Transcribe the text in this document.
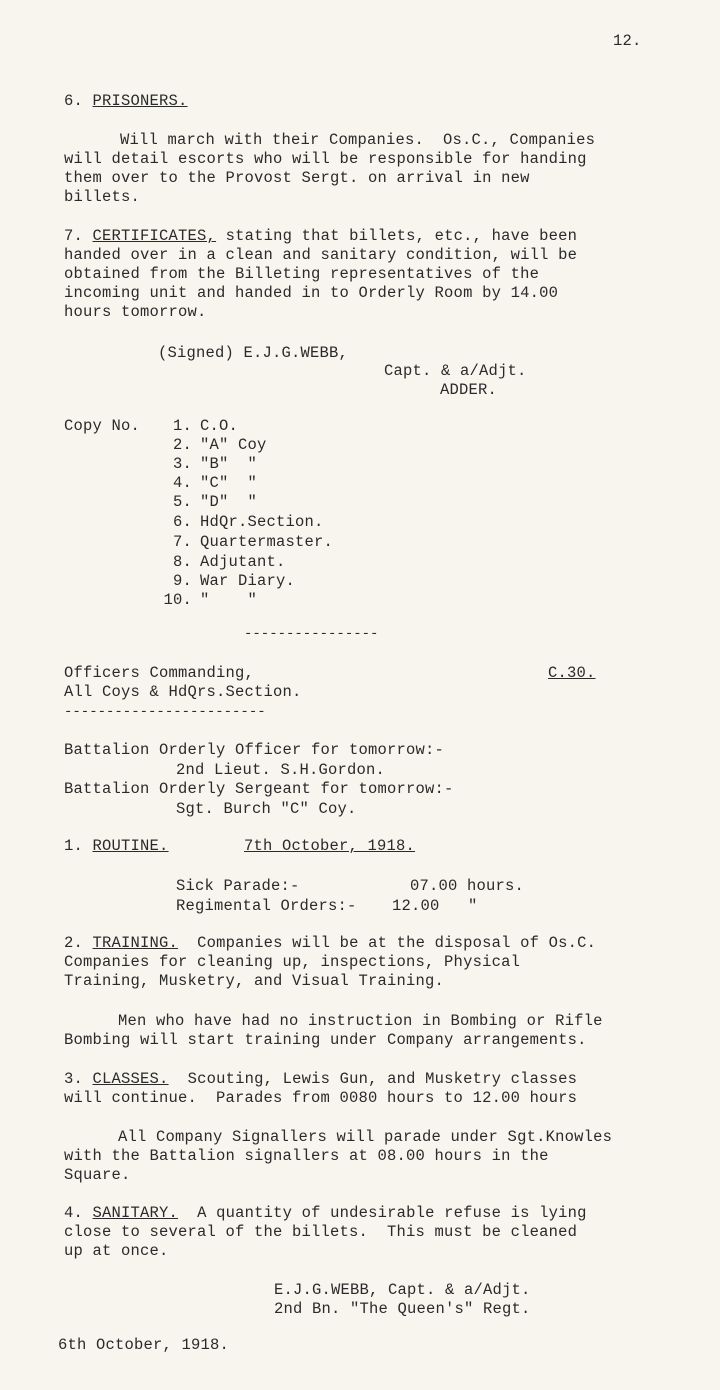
12.
6. PRISONERS.
Will march with their Companies.  Os.C., Companies
will detail escorts who will be responsible for handing
them over to the Provost Sergt. on arrival in new
billets.
7. CERTIFICATES, stating that billets, etc., have been
handed over in a clean and sanitary condition, will be
obtained from the Billeting representatives of the
incoming unit and handed in to Orderly Room by 14.00
hours tomorrow.
(Signed) E.J.G.WEBB,
Capt. & a/Adjt.
ADDER.
Copy No.	1. C.O.
2. "A" Coy
3. "B"  "
4. "C"  "
5. "D"  "
6. HdQr.Section.
7. Quartermaster.
8. Adjutant.
9. War Diary.
10. "    "
----------------
Officers Commanding,	C.30.
All Coys & HdQrs.Section.
------------------------
Battalion Orderly Officer for tomorrow:-
2nd Lieut. S.H.Gordon.
Battalion Orderly Sergeant for tomorrow:-
Sgt. Burch "C" Coy.
1. ROUTINE.	7th October, 1918.
Sick Parade:-	07.00 hours.
Regimental Orders:- 12.00   "
2. TRAINING. Companies will be at the disposal of Os.C.
Companies for cleaning up, inspections, Physical
Training, Musketry, and Visual Training.
Men who have had no instruction in Bombing or Rifle
Bombing will start training under Company arrangements.
3. CLASSES. Scouting, Lewis Gun, and Musketry classes
will continue.  Parades from 0080 hours to 12.00 hours
All Company Signallers will parade under Sgt.Knowles
with the Battalion signallers at 08.00 hours in the
Square.
4. SANITARY. A quantity of undesirable refuse is lying
close to several of the billets.  This must be cleaned
up at once.
E.J.G.WEBB, Capt. & a/Adjt.
2nd Bn. "The Queen's" Regt.
6th October, 1918.
